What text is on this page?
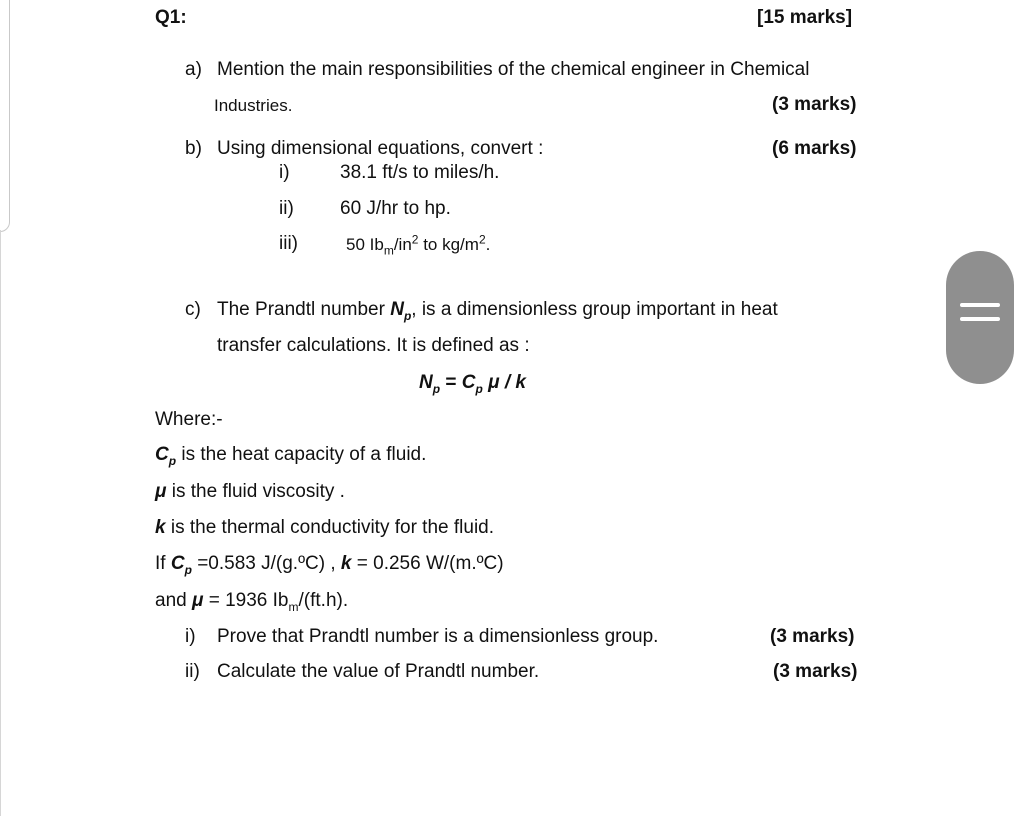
Q1:	[15 marks]
a) Mention the main responsibilities of the chemical engineer in Chemical
Industries.	(3 marks)
b) Using dimensional equations, convert :	(6 marks)
i)	38.1 ft/s to miles/h.
ii) 60 J/hr to hp.
iii)	50 $Ib_m/in^2$ to $kg/m^2$.
c) The Prandtl number $N_p$, is a dimensionless group important in heat
transfer calculations. It is defined as :
$N_p = C_p$ μ / k
Where:-
$C_p$ is the heat capacity of a fluid.
μ is the fluid viscosity .
k is the thermal conductivity for the fluid.
If $C_p =0.583$ J/(g.ºC) , k = 0.256 W/(m.ºC)
and μ = 1936 $Ib_m/(ft.h)$.
i) Prove that Prandtl number is a dimensionless group.	(3 marks)
ii) Calculate the value of Prandtl number.	(3 marks)
